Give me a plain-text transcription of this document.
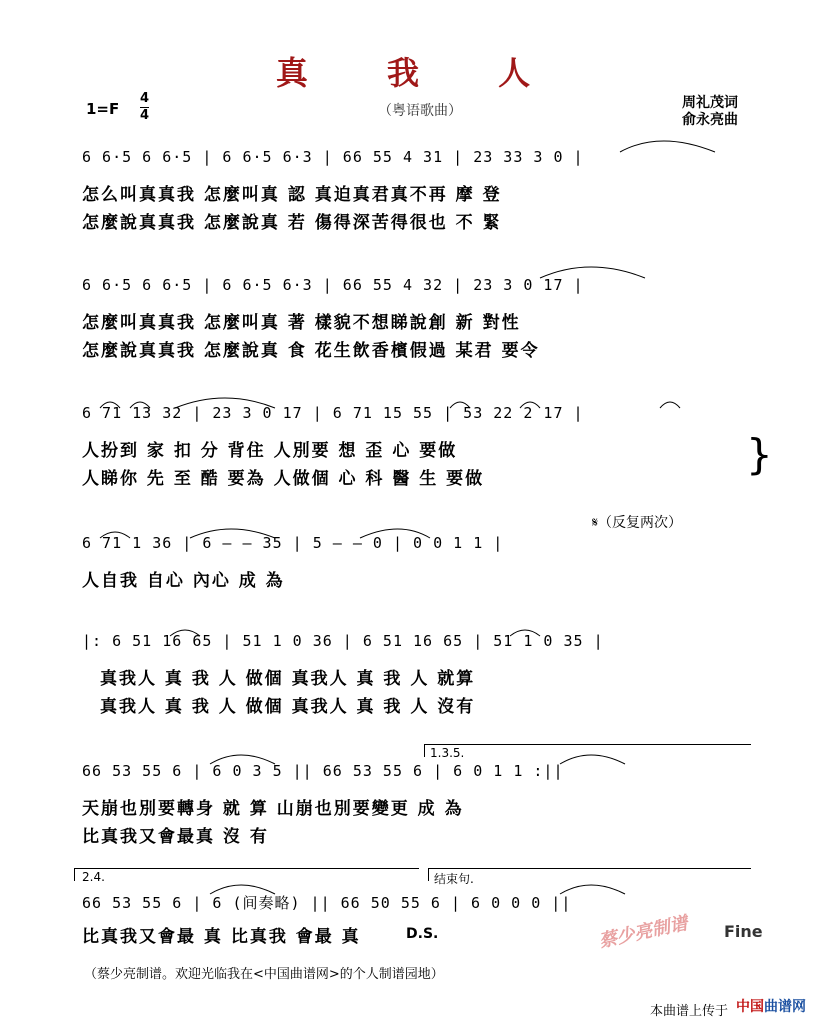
真 我 人
（粤语歌曲）
1=F
4
4
周礼茂词
俞永亮曲
6 6·5 6 6·5 | 6 6·5 6·3 | 66 55 4 31 | 23 33 3 0 |
怎么叫真真我 怎麼叫真 認 真迫真君真不再 摩 登
怎麼說真真我 怎麼說真 若 傷得深苦得很也 不 緊
6 6·5 6 6·5 | 6 6·5 6·3 | 66 55 4 32 | 23 3 0 17 |
怎麼叫真真我 怎麼叫真 著 樣貌不想睇說創 新 對性
怎麼說真真我 怎麼說真 食 花生飲香檳假過 某君 要令
6 71 13 32 | 23 3 0 17 | 6 71 15 55 | 53 22 2 17 |
人扮到 家 扣 分 背住 人別要 想 歪 心 要做
人睇你 先 至 酷 要為 人做個 心 科 醫 生 要做	}
𝄋（反复两次）
6 71 1 36 | 6 – – 35 | 5 – – 0 | 0 0 1 1 |
人自我 自心 內心 成 為
|: 6 51 16 65 | 51 1 0 36 | 6 51 16 65 | 51 1 0 35 |
真我人 真 我 人 做個 真我人 真 我 人 就算
真我人 真 我 人 做個 真我人 真 我 人 沒有
1.3.5.
66 53 55 6 | 6 0 3 5 || 66 53 55 6 | 6 0 1 1 :||
天崩也別要轉身 就 算 山崩也別要變更 成 為
比真我又會最真 沒 有
2.4.	结束句.
66 53 55 6 | 6 (间奏略) || 66 50 55 6 | 6 0 0 0 ||
比真我又會最 真 比真我 會最 真	D.S.	蔡少亮制谱 Fine
（蔡少亮制谱。欢迎光临我在<中国曲谱网>的个人制谱园地）
本曲谱上传于 中国曲谱网
